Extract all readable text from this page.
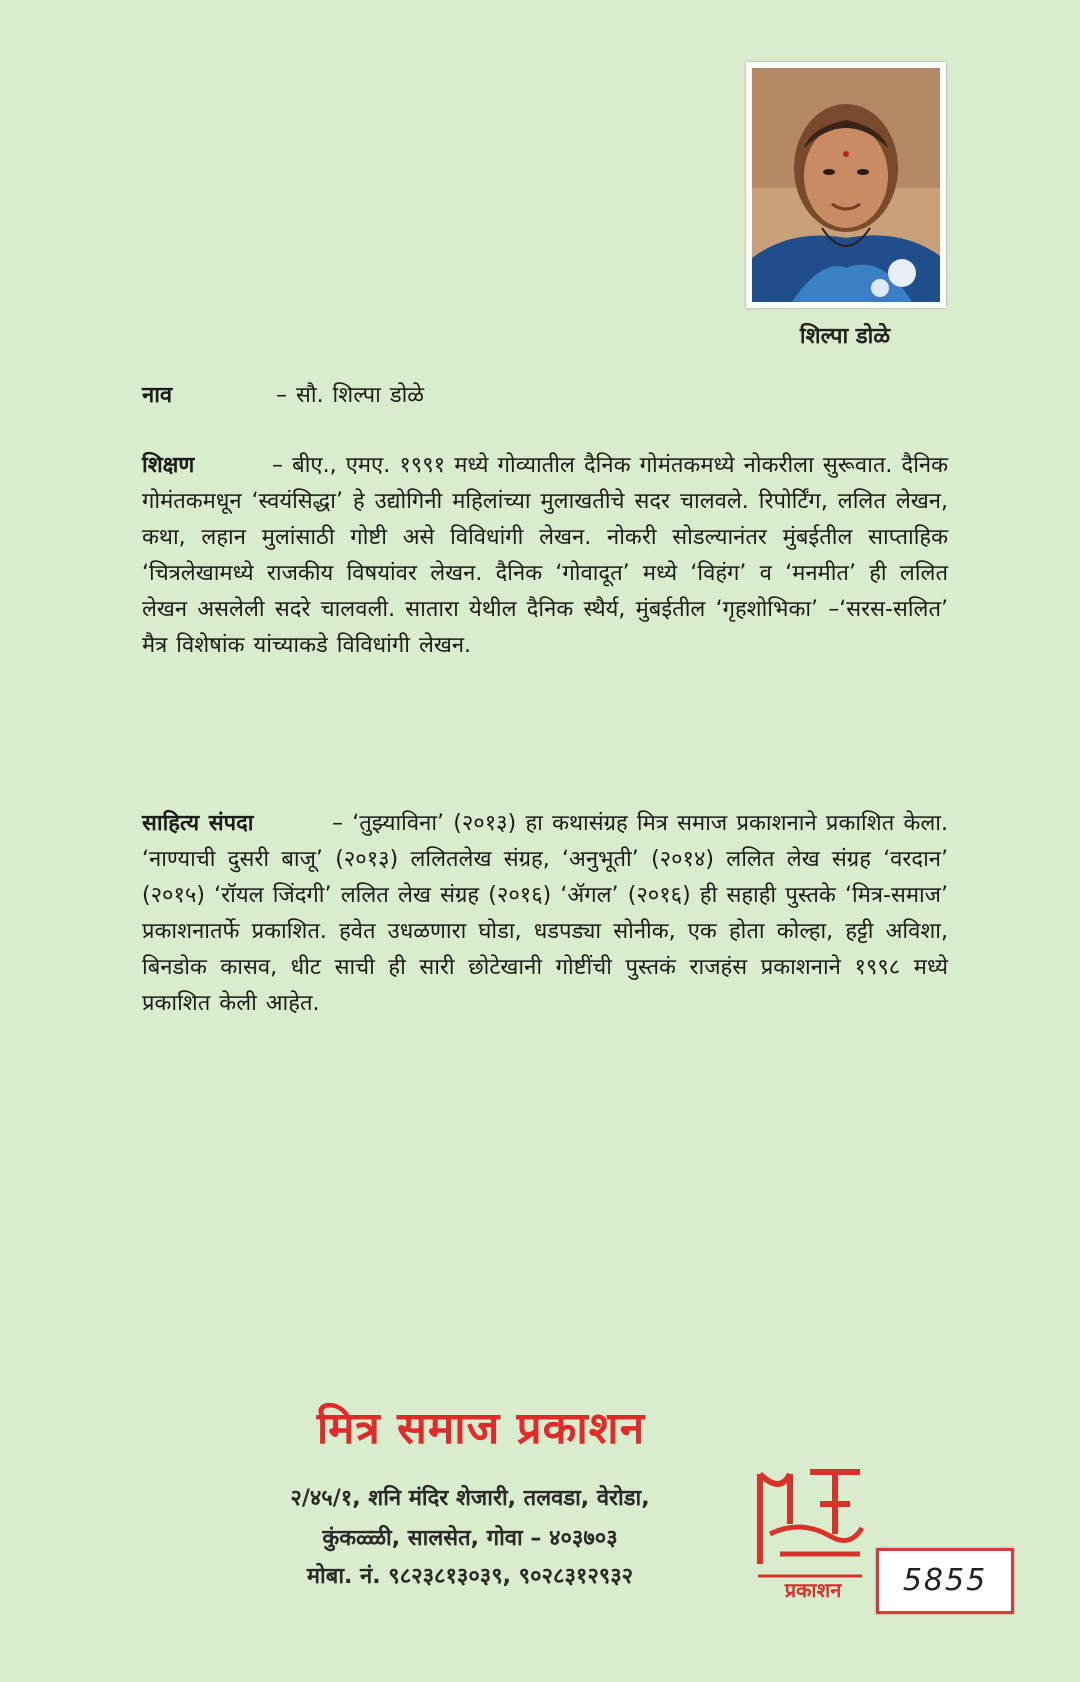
शिल्पा डोळे
नाव	– सौ. शिल्पा डोळे
शिक्षण	– बीए., एमए. १९९१ मध्ये गोव्यातील दैनिक गोमंतकमध्ये नोकरीला सुरूवात. दैनिक गोमंतकमधून ‘स्वयंसिद्धा’ हे उद्योगिनी महिलांच्या मुलाखतीचे सदर चालवले. रिपोर्टिंग, ललित लेखन, कथा, लहान मुलांसाठी गोष्टी असे विविधांगी लेखन. नोकरी सोडल्यानंतर मुंबईतील साप्ताहिक ‘चित्रलेखामध्ये राजकीय विषयांवर लेखन. दैनिक ‘गोवादूत’ मध्ये ‘विहंग’ व ‘मनमीत’ ही ललित लेखन असलेली सदरे चालवली. सातारा येथील दैनिक स्थैर्य, मुंबईतील ‘गृहशोभिका’ –‘सरस-सलित’ मैत्र विशेषांक यांच्याकडे विविधांगी लेखन.
साहित्य संपदा	– ‘तुझ्याविना’ (२०१३) हा कथासंग्रह मित्र समाज प्रकाशनाने प्रकाशित केला. ‘नाण्याची दुसरी बाजू’ (२०१३) ललितलेख संग्रह, ‘अनुभूती’ (२०१४) ललित लेख संग्रह ‘वरदान’ (२०१५) ‘रॉयल जिंदगी’ ललित लेख संग्रह (२०१६) ‘ॲगल’ (२०१६) ही सहाही पुस्तके ‘मित्र-समाज’ प्रकाशनातर्फे प्रकाशित. हवेत उधळणारा घोडा, धडपड्या सोनीक, एक होता कोल्हा, हट्टी अविशा, बिनडोक कासव, धीट साची ही सारी छोटेखानी गोष्टींची पुस्तकं राजहंस प्रकाशनाने १९९८ मध्ये प्रकाशित केली आहेत.
मित्र समाज प्रकाशन
२/४५/१, शनि मंदिर शेजारी, तलवडा, वेरोडा,
कुंकळ्ळी, सालसेत, गोवा – ४०३७०३
मोबा. नं. ९८२३८१३०३९, ९०२८३१२९३२
प्रकाशन	5855
